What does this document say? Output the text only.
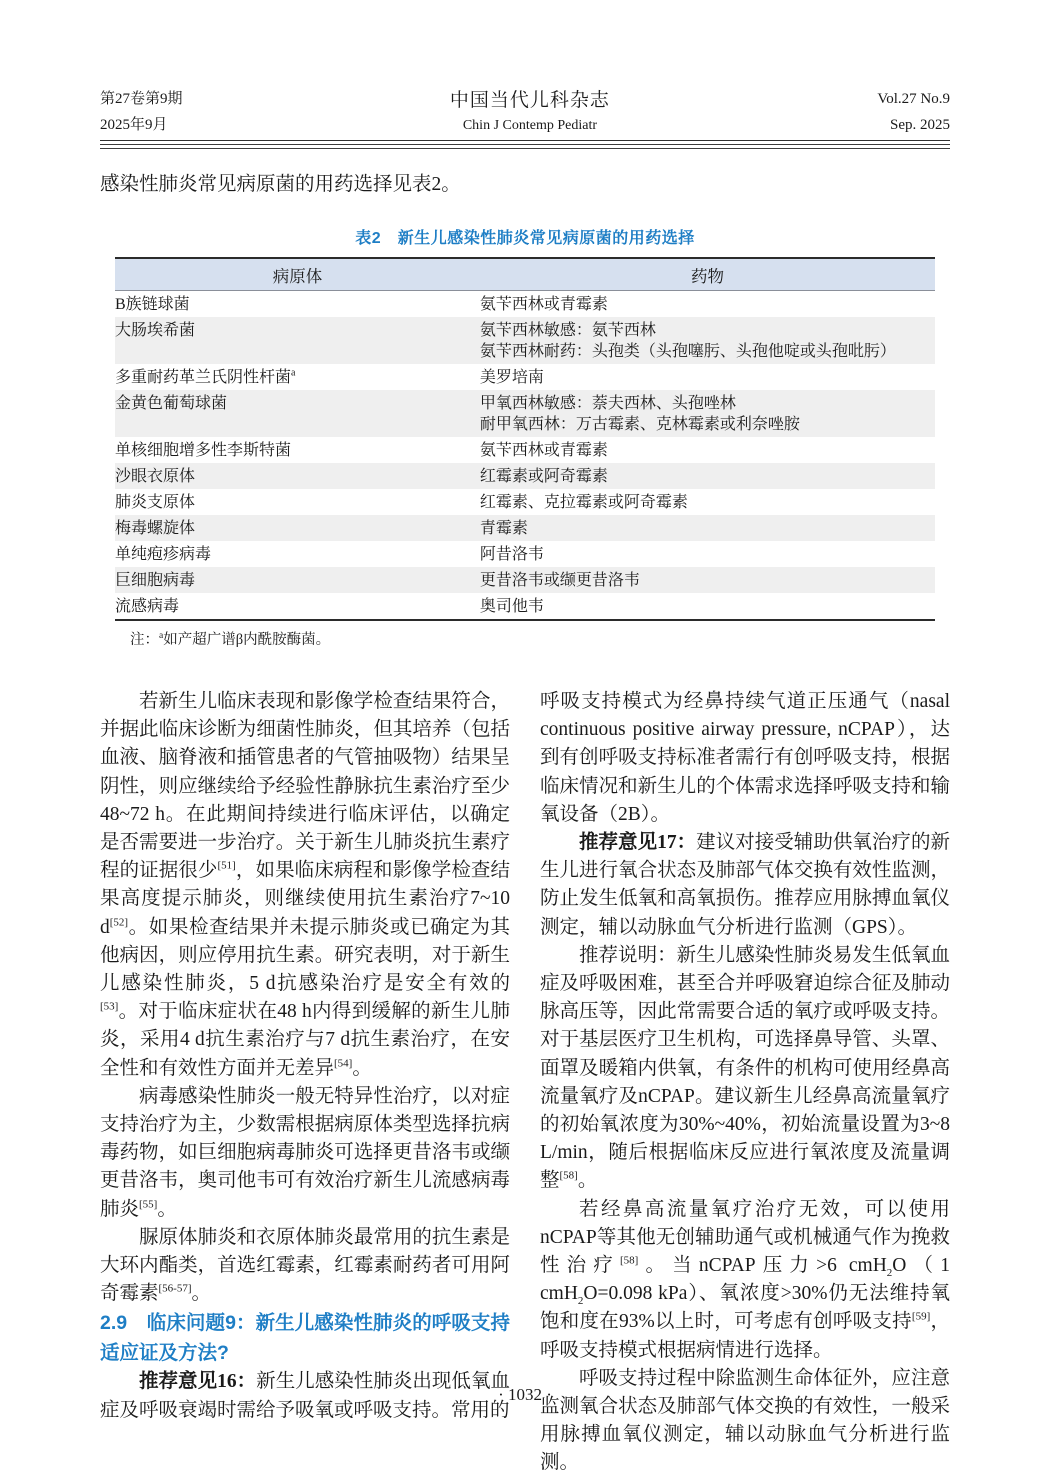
第27卷第9期
2025年9月
中国当代儿科杂志
Chin J Contemp Pediatr
Vol.27 No.9
Sep. 2025
感染性肺炎常见病原菌的用药选择见表2。
表2　新生儿感染性肺炎常见病原菌的用药选择
病原体	药物
B族链球菌	氨苄西林或青霉素

大肠埃希菌	氨苄西林敏感：氨苄西林
氨苄西林耐药：头孢类（头孢噻肟、头孢他啶或头孢吡肟）

多重耐药革兰氏阴性杆菌$^a$	美罗培南

金黄色葡萄球菌	甲氧西林敏感：萘夫西林、头孢唑林
耐甲氧西林：万古霉素、克林霉素或利奈唑胺

单核细胞增多性李斯特菌	氨苄西林或青霉素

沙眼衣原体	红霉素或阿奇霉素

肺炎支原体	红霉素、克拉霉素或阿奇霉素

梅毒螺旋体	青霉素

单纯疱疹病毒	阿昔洛韦

巨细胞病毒	更昔洛韦或缬更昔洛韦

流感病毒	奥司他韦
注：$^a$如产超广谱β内酰胺酶菌。

若新生儿临床表现和影像学检查结果符合，并据此临床诊断为细菌性肺炎，但其培养（包括血液、脑脊液和插管患者的气管抽吸物）结果呈阴性，则应继续给予经验性静脉抗生素治疗至少48~72 h。在此期间持续进行临床评估，以确定是否需要进一步治疗。关于新生儿肺炎抗生素疗程的证据很少[51]，如果临床病程和影像学检查结果高度提示肺炎，则继续使用抗生素治疗7~10 d[52]。如果检查结果并未提示肺炎或已确定为其他病因，则应停用抗生素。研究表明，对于新生儿感染性肺炎，5 d抗感染治疗是安全有效的[53]。对于临床症状在48 h内得到缓解的新生儿肺炎，采用4 d抗生素治疗与7 d抗生素治疗，在安全性和有效性方面并无差异[54]。

病毒感染性肺炎一般无特异性治疗，以对症支持治疗为主，少数需根据病原体类型选择抗病毒药物，如巨细胞病毒肺炎可选择更昔洛韦或缬更昔洛韦，奥司他韦可有效治疗新生儿流感病毒肺炎[55]。

脲原体肺炎和衣原体肺炎最常用的抗生素是大环内酯类，首选红霉素，红霉素耐药者可用阿奇霉素[56-57]。

2.9　临床问题9：新生儿感染性肺炎的呼吸支持适应证及方法?

推荐意见16：新生儿感染性肺炎出现低氧血症及呼吸衰竭时需给予吸氧或呼吸支持。常用的

呼吸支持模式为经鼻持续气道正压通气（nasal continuous positive airway pressure, nCPAP），达到有创呼吸支持标准者需行有创呼吸支持，根据临床情况和新生儿的个体需求选择呼吸支持和输氧设备（2B）。

推荐意见17：建议对接受辅助供氧治疗的新生儿进行氧合状态及肺部气体交换有效性监测，防止发生低氧和高氧损伤。推荐应用脉搏血氧仪测定，辅以动脉血气分析进行监测（GPS）。

推荐说明：新生儿感染性肺炎易发生低氧血症及呼吸困难，甚至合并呼吸窘迫综合征及肺动脉高压等，因此常需要合适的氧疗或呼吸支持。对于基层医疗卫生机构，可选择鼻导管、头罩、面罩及暖箱内供氧，有条件的机构可使用经鼻高流量氧疗及nCPAP。建议新生儿经鼻高流量氧疗的初始氧浓度为30%~40%，初始流量设置为3~8 L/min，随后根据临床反应进行氧浓度及流量调整[58]。

若经鼻高流量氧疗治疗无效，可以使用nCPAP等其他无创辅助通气或机械通气作为挽救性治疗[58]。当nCPAP压力>6 cmH$_2$O（1 cmH$_2$O=0.098 kPa）、氧浓度>30%仍无法维持氧饱和度在93%以上时，可考虑有创呼吸支持[59]，呼吸支持模式根据病情进行选择。

呼吸支持过程中除监测生命体征外，应注意监测氧合状态及肺部气体交换的有效性，一般采用脉搏血氧仪测定，辅以动脉血气分析进行监测。

· 1032 ·
